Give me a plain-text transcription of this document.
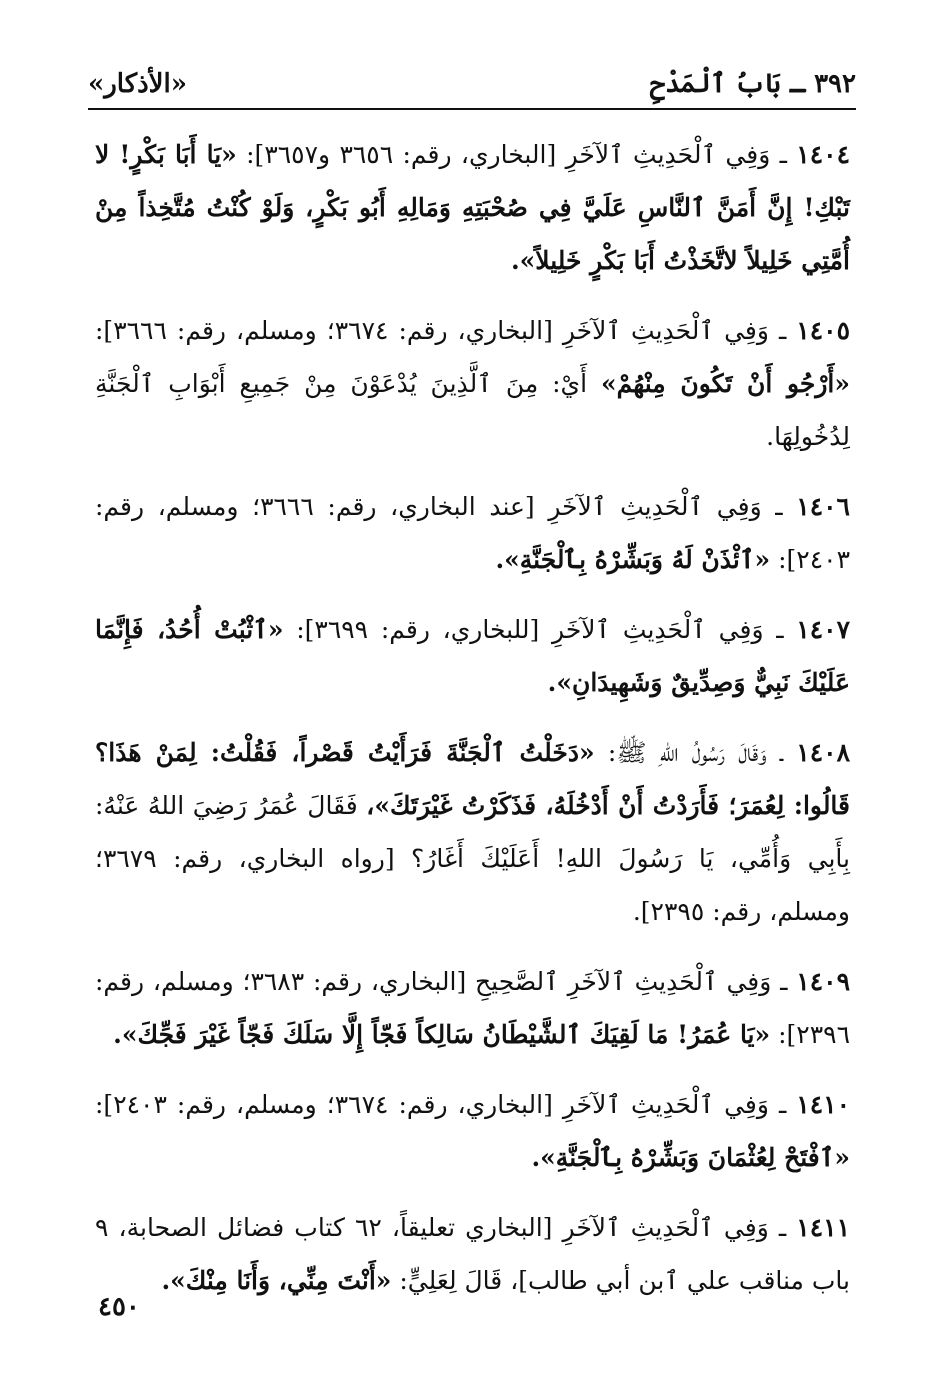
٣٩٢ ـ بَابُ ٱلْمَدْحِ
«الأذكار»

١٤٠٤ ـ وَفِي ٱلْحَدِيثِ ٱلآخَرِ [البخاري، رقم: ٣٦٥٦ و٣٦٥٧]: «يَا أَبَا بَكْرٍ! لا تَبْكِ! إِنَّ أَمَنَّ ٱلنَّاسِ عَلَيَّ فِي صُحْبَتِهِ وَمَالِهِ أَبُو بَكْرٍ، وَلَوْ كُنْتُ مُتَّخِذاً مِنْ أُمَّتِي خَلِيلاً لاتَّخَذْتُ أَبَا بَكْرٍ خَلِيلاً».

١٤٠٥ ـ وَفِي ٱلْحَدِيثِ ٱلآخَرِ [البخاري، رقم: ٣٦٧٤؛ ومسلم، رقم: ٣٦٦٦]: «أَرْجُو أَنْ تَكُونَ مِنْهُمْ» أَيْ: مِنَ ٱلَّذِينَ يُدْعَوْنَ مِنْ جَمِيعِ أَبْوَابِ ٱلْجَنَّةِ لِدُخُولِهَا.

١٤٠٦ ـ وَفِي ٱلْحَدِيثِ ٱلآخَرِ [عند البخاري، رقم: ٣٦٦٦؛ ومسلم، رقم: ٢٤٠٣]: «ٱئْذَنْ لَهُ وَبَشِّرْهُ بِٱلْجَنَّةِ».

١٤٠٧ ـ وَفِي ٱلْحَدِيثِ ٱلآخَرِ [للبخاري، رقم: ٣٦٩٩]: «ٱثْبُتْ أُحُدُ، فَإِنَّمَا عَلَيْكَ نَبِيٌّ وَصِدِّيقٌ وَشَهِيدَانِ».

١٤٠٨ ـ وَقَالَ رَسُولُ اللهِ ﷺ: «دَخَلْتُ ٱلْجَنَّةَ فَرَأَيْتُ قَصْراً، فَقُلْتُ: لِمَنْ هَذَا؟ قَالُوا: لِعُمَرَ؛ فَأَرَدْتُ أَنْ أَدْخُلَهُ، فَذَكَرْتُ غَيْرَتَكَ»، فَقَالَ عُمَرُ رَضِيَ اللهُ عَنْهُ: بِأَبِي وَأُمِّي، يَا رَسُولَ اللهِ! أَعَلَيْكَ أَغَارُ؟ [رواه البخاري، رقم: ٣٦٧٩؛ ومسلم، رقم: ٢٣٩٥].

١٤٠٩ ـ وَفِي ٱلْحَدِيثِ ٱلآخَرِ ٱلصَّحِيحِ [البخاري، رقم: ٣٦٨٣؛ ومسلم، رقم: ٢٣٩٦]: «يَا عُمَرُ! مَا لَقِيَكَ ٱلشَّيْطَانُ سَالِكاً فَجّاً إِلَّا سَلَكَ فَجّاً غَيْرَ فَجِّكَ».

١٤١٠ ـ وَفِي ٱلْحَدِيثِ ٱلآخَرِ [البخاري، رقم: ٣٦٧٤؛ ومسلم، رقم: ٢٤٠٣]: «ٱفْتَحْ لِعُثْمَانَ وَبَشِّرْهُ بِٱلْجَنَّةِ».

١٤١١ ـ وَفِي ٱلْحَدِيثِ ٱلآخَرِ [البخاري تعليقاً، ٦٢ كتاب فضائل الصحابة، ٩ باب مناقب علي ٱبن أبي طالب]، قَالَ لِعَلِيٍّ: «أَنْتَ مِنِّي، وَأَنَا مِنْكَ».

٤٥٠
